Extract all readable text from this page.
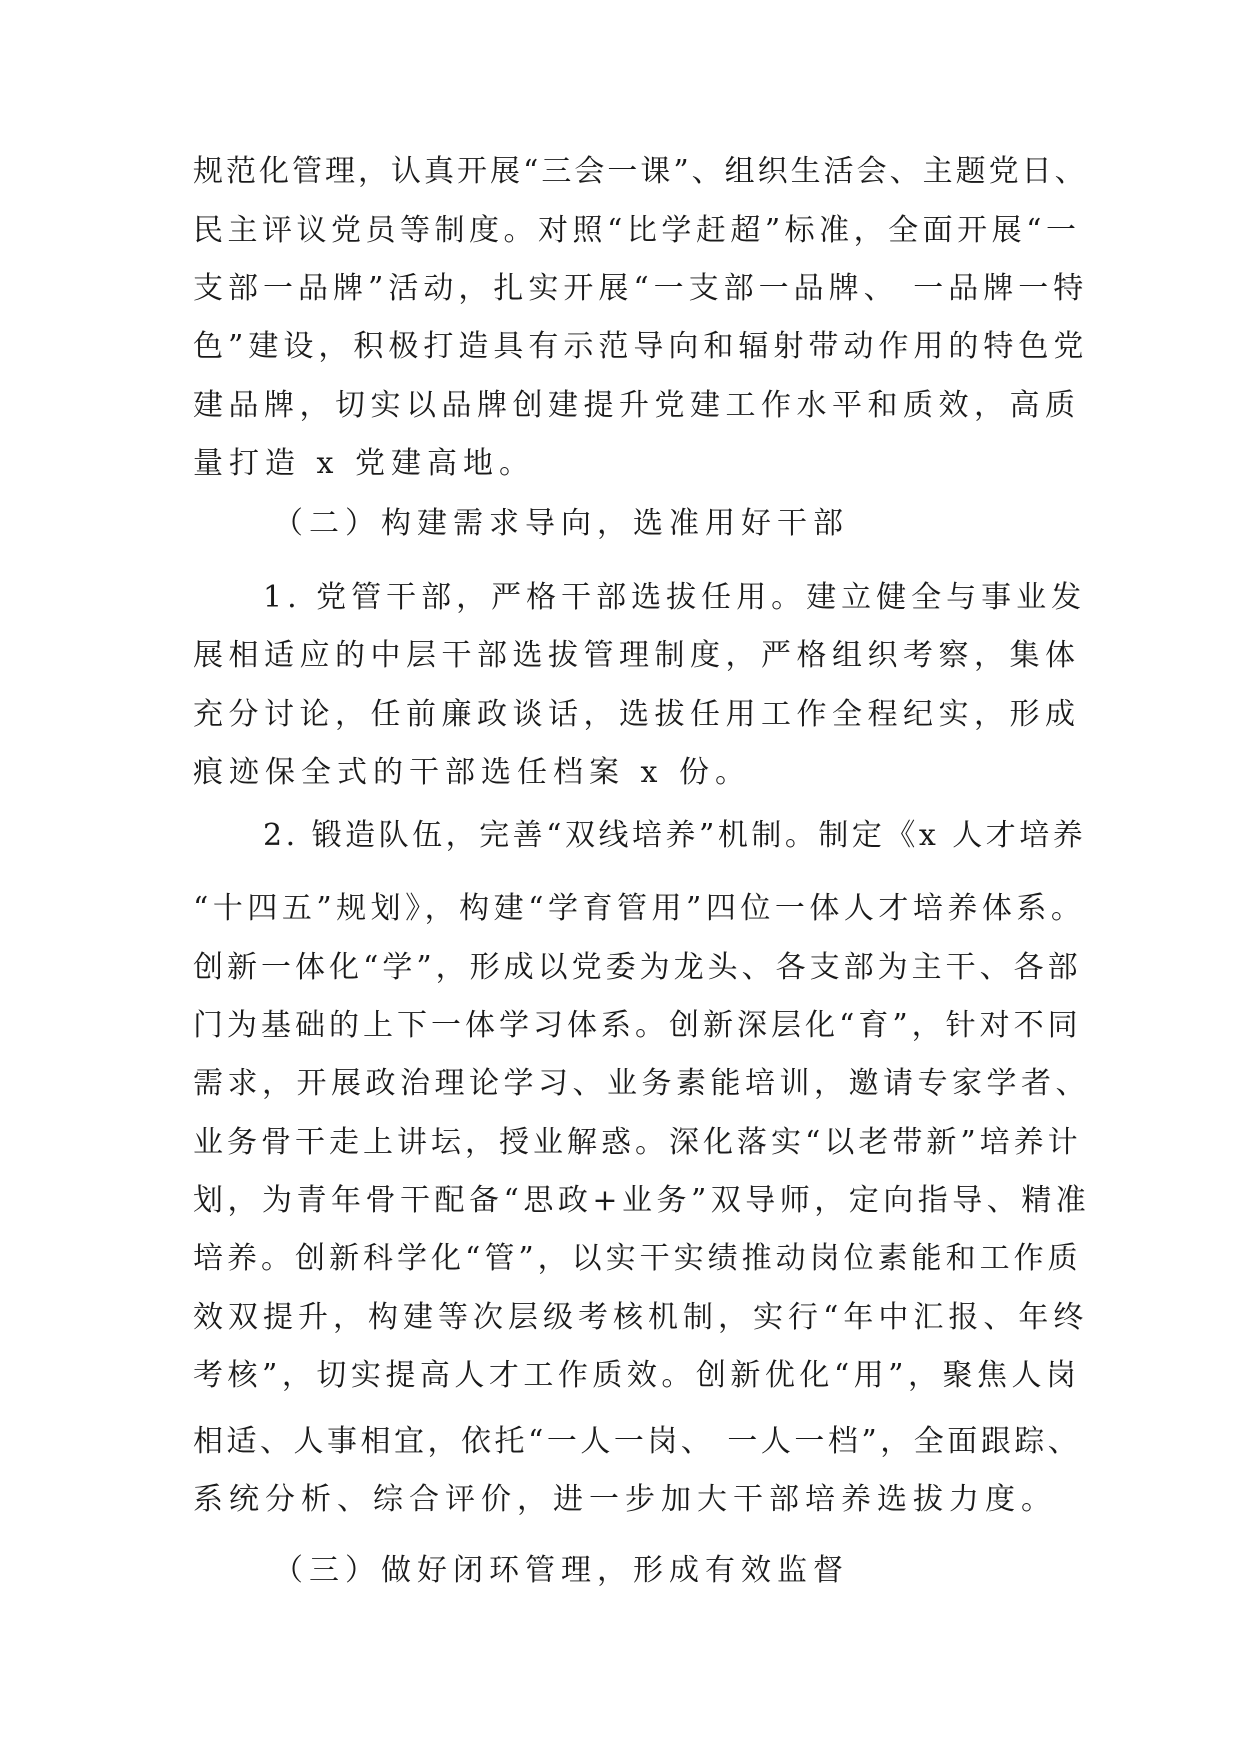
规范化管理，认真开展“三会一课”、组织生活会、主题党日、
民主评议党员等制度。对照“比学赶超”标准，全面开展“一
支部一品牌”活动，扎实开展“一支部一品牌、 一品牌一特
色”建设，积极打造具有示范导向和辐射带动作用的特色党
建品牌，切实以品牌创建提升党建工作水平和质效，高质
量打造 x 党建高地。
（二）构建需求导向，选准用好干部
1. 党管干部，严格干部选拔任用。建立健全与事业发
展相适应的中层干部选拔管理制度，严格组织考察，集体
充分讨论，任前廉政谈话，选拔任用工作全程纪实，形成
痕迹保全式的干部选任档案 x 份。
2. 锻造队伍，完善“双线培养”机制。制定《x 人才培养
“十四五”规划》，构建“学育管用”四位一体人才培养体系。
创新一体化“学”，形成以党委为龙头、各支部为主干、各部
门为基础的上下一体学习体系。创新深层化“育”，针对不同
需求，开展政治理论学习、业务素能培训，邀请专家学者、
业务骨干走上讲坛，授业解惑。深化落实“以老带新”培养计
划，为青年骨干配备“思政+业务”双导师，定向指导、精准
培养。创新科学化“管”，以实干实绩推动岗位素能和工作质
效双提升，构建等次层级考核机制，实行“年中汇报、年终
考核”，切实提高人才工作质效。创新优化“用”，聚焦人岗
相适、人事相宜，依托“一人一岗、 一人一档”，全面跟踪、
系统分析、综合评价，进一步加大干部培养选拔力度。
（三）做好闭环管理，形成有效监督
